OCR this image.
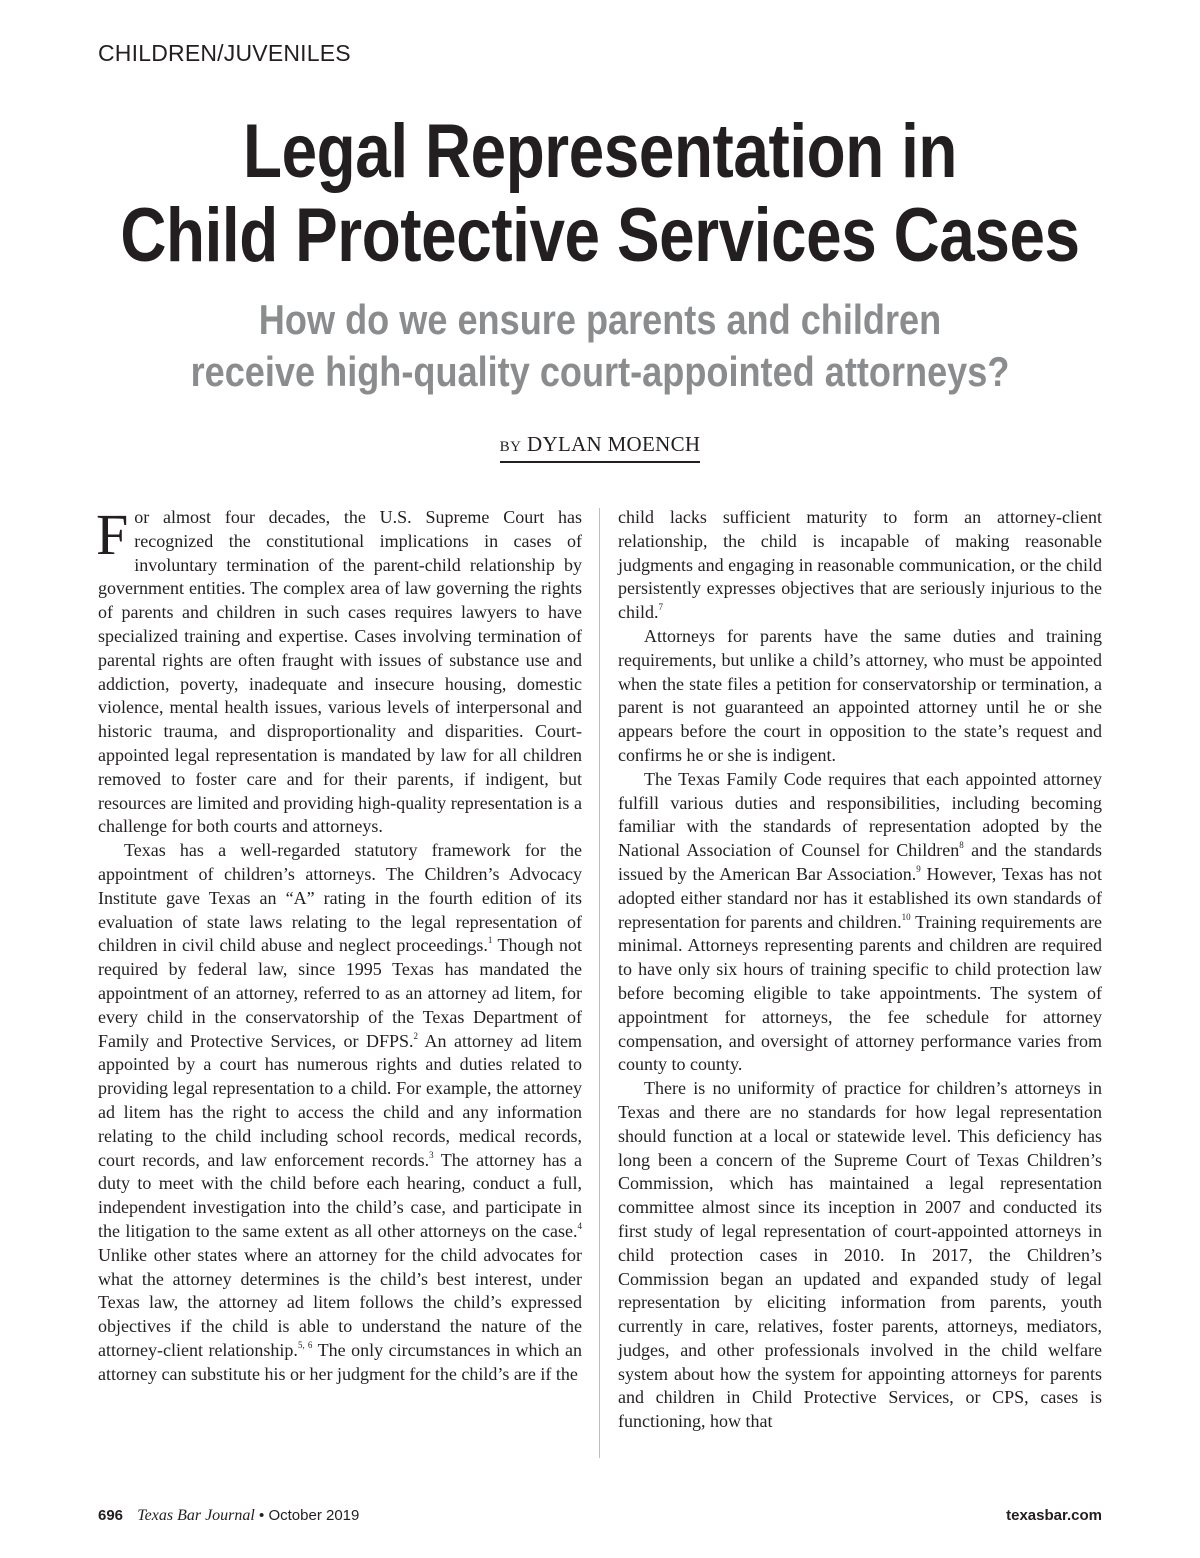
CHILDREN/JUVENILES
Legal Representation in
Child Protective Services Cases
How do we ensure parents and children
receive high-quality court-appointed attorneys?
BY DYLAN MOENCH

For almost four decades, the U.S. Supreme Court has recognized the constitutional implications in cases of involuntary termination of the parent-child relationship by government entities. The complex area of law governing the rights of parents and children in such cases requires lawyers to have specialized training and expertise. Cases involving termination of parental rights are often fraught with issues of substance use and addiction, poverty, inadequate and insecure housing, domestic violence, mental health issues, various levels of interpersonal and historic trauma, and disproportionality and disparities. Court-appointed legal representation is mandated by law for all children removed to foster care and for their parents, if indigent, but resources are limited and providing high-quality representation is a challenge for both courts and attorneys.

Texas has a well-regarded statutory framework for the appointment of children’s attorneys. The Children’s Advocacy Institute gave Texas an “A” rating in the fourth edition of its evaluation of state laws relating to the legal representation of children in civil child abuse and neglect proceedings.$^1$ Though not required by federal law, since 1995 Texas has mandated the appointment of an attorney, referred to as an attorney ad litem, for every child in the conservatorship of the Texas Department of Family and Protective Services, or DFPS.$^2$ An attorney ad litem appointed by a court has numerous rights and duties related to providing legal representation to a child. For example, the attorney ad litem has the right to access the child and any information relating to the child including school records, medical records, court records, and law enforcement records.$^3$ The attorney has a duty to meet with the child before each hearing, conduct a full, independent investigation into the child’s case, and participate in the litigation to the same extent as all other attorneys on the case.$^4$ Unlike other states where an attorney for the child advocates for what the attorney determines is the child’s best interest, under Texas law, the attorney ad litem follows the child’s expressed objectives if the child is able to understand the nature of the attorney-client relationship.$^{5, 6}$ The only circumstances in which an attorney can substitute his or her judgment for the child’s are if the

child lacks sufficient maturity to form an attorney-client relationship, the child is incapable of making reasonable judgments and engaging in reasonable communication, or the child persistently expresses objectives that are seriously injurious to the child.$^7$

Attorneys for parents have the same duties and training requirements, but unlike a child’s attorney, who must be appointed when the state files a petition for conservatorship or termination, a parent is not guaranteed an appointed attorney until he or she appears before the court in opposition to the state’s request and confirms he or she is indigent.

The Texas Family Code requires that each appointed attorney fulfill various duties and responsibilities, including becoming familiar with the standards of representation adopted by the National Association of Counsel for Children$^8$ and the standards issued by the American Bar Association.$^9$ However, Texas has not adopted either standard nor has it established its own standards of representation for parents and children.$^{10}$ Training requirements are minimal. Attorneys representing parents and children are required to have only six hours of training specific to child protection law before becoming eligible to take appointments. The system of appointment for attorneys, the fee schedule for attorney compensation, and oversight of attorney performance varies from county to county.

There is no uniformity of practice for children’s attorneys in Texas and there are no standards for how legal representation should function at a local or statewide level. This deficiency has long been a concern of the Supreme Court of Texas Children’s Commission, which has maintained a legal representation committee almost since its inception in 2007 and conducted its first study of legal representation of court-appointed attorneys in child protection cases in 2010. In 2017, the Children’s Commission began an updated and expanded study of legal representation by eliciting information from parents, youth currently in care, relatives, foster parents, attorneys, mediators, judges, and other professionals involved in the child welfare system about how the system for appointing attorneys for parents and children in Child Protective Services, or CPS, cases is functioning, how that

696 Texas Bar Journal • October 2019	texasbar.com
